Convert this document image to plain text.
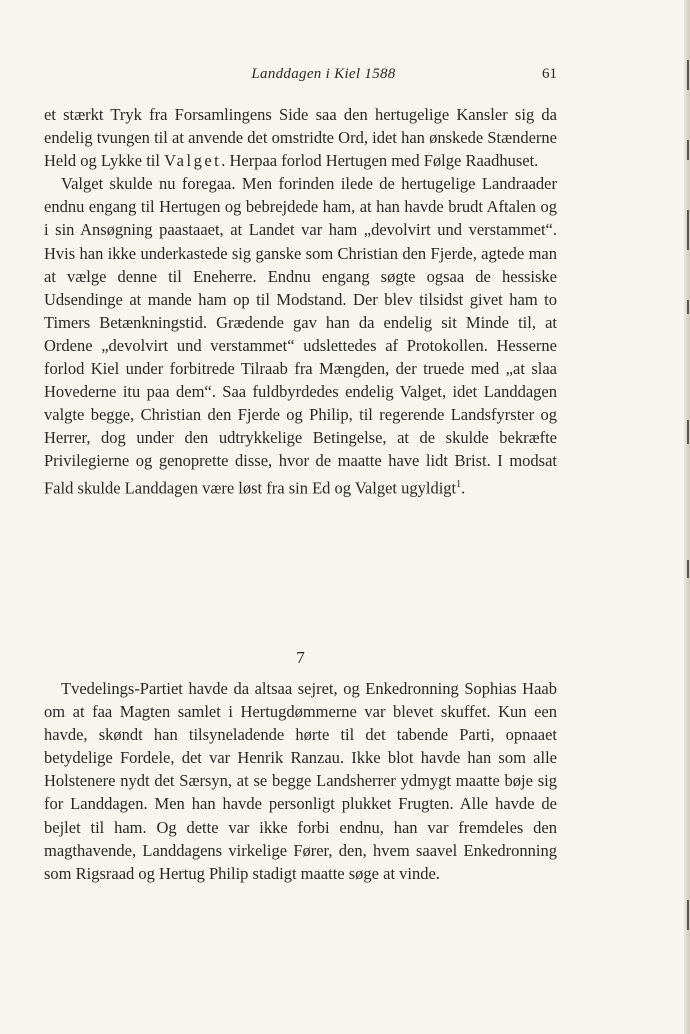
Landdagen i Kiel 1588	61

et stærkt Tryk fra Forsamlingens Side saa den hertugelige Kansler sig da endelig tvungen til at anvende det omstridte Ord, idet han ønskede Stænderne Held og Lykke til Valget. Herpaa forlod Hertugen med Følge Raadhuset.

Valget skulde nu foregaa. Men forinden ilede de hertugelige Landraader endnu engang til Hertugen og bebrejdede ham, at han havde brudt Aftalen og i sin Ansøgning paastaaet, at Landet var ham „devolvirt und verstammet“. Hvis han ikke underkastede sig ganske som Christian den Fjerde, agtede man at vælge denne til Eneherre. Endnu engang søgte ogsaa de hessiske Udsendinge at mande ham op til Modstand. Der blev tilsidst givet ham to Timers Betænkningstid. Grædende gav han da endelig sit Minde til, at Ordene „devolvirt und verstammet“ udslettedes af Protokollen. Hesserne forlod Kiel under forbitrede Tilraab fra Mængden, der truede med „at slaa Hovederne itu paa dem“. Saa fuldbyrdedes endelig Valget, idet Landdagen valgte begge, Christian den Fjerde og Philip, til regerende Landsfyrster og Herrer, dog under den udtrykkelige Betingelse, at de skulde bekræfte Privilegierne og genoprette disse, hvor de maatte have lidt Brist. I modsat Fald skulde Landdagen være løst fra sin Ed og Valget ugyldigt$^1$.

7

Tvedelings-Partiet havde da altsaa sejret, og Enkedronning Sophias Haab om at faa Magten samlet i Hertugdømmerne var blevet skuffet. Kun een havde, skøndt han tilsyneladende hørte til det tabende Parti, opnaaet betydelige Fordele, det var Henrik Ranzau. Ikke blot havde han som alle Holstenere nydt det Særsyn, at se begge Landsherrer ydmygt maatte bøje sig for Landdagen. Men han havde personligt plukket Frugten. Alle havde de bejlet til ham. Og dette var ikke forbi endnu, han var fremdeles den magthavende, Landdagens virkelige Fører, den, hvem saavel Enkedronning som Rigsraad og Hertug Philip stadigt maatte søge at vinde.
